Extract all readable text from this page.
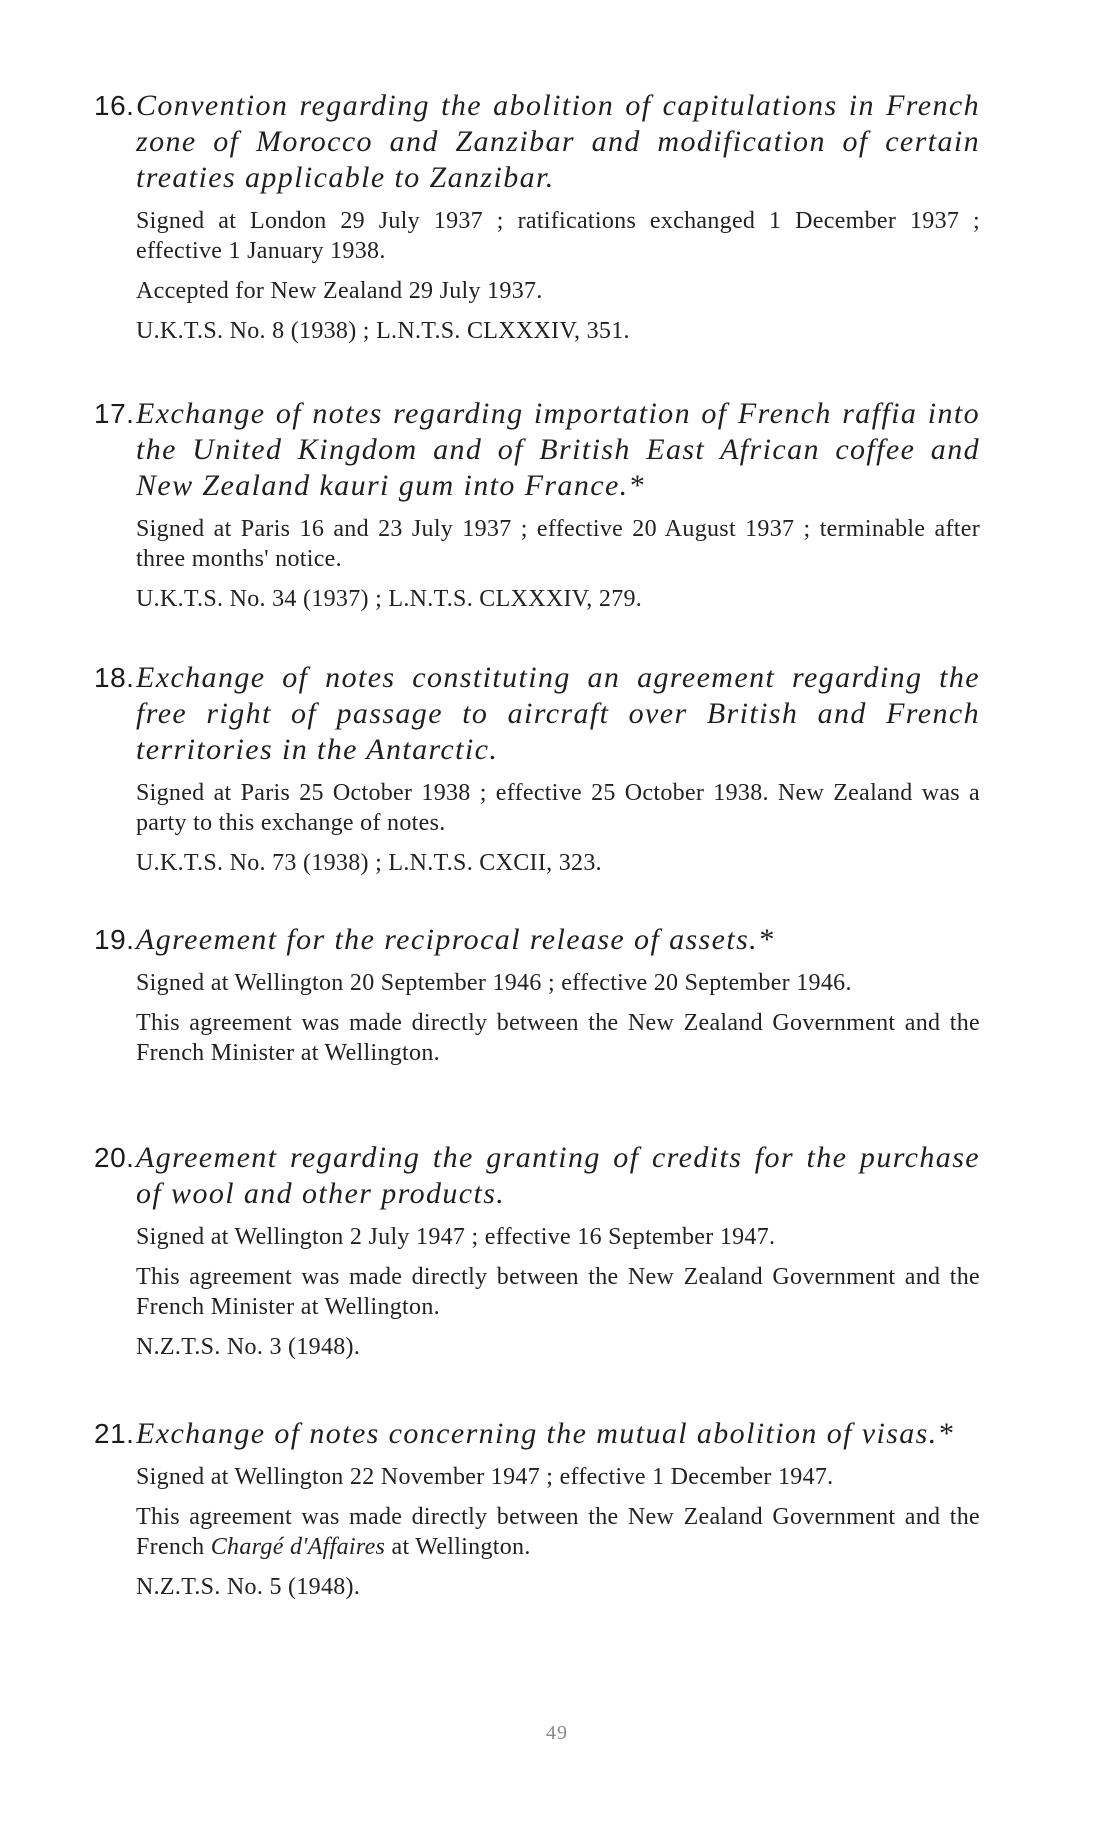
16. Convention regarding the abolition of capitulations in French zone of Morocco and Zanzibar and modification of certain treaties applicable to Zanzibar.

Signed at London 29 July 1937 ; ratifications exchanged 1 December 1937 ; effective 1 January 1938.

Accepted for New Zealand 29 July 1937.

U.K.T.S. No. 8 (1938) ; L.N.T.S. CLXXXIV, 351.

17. Exchange of notes regarding importation of French raffia into the United Kingdom and of British East African coffee and New Zealand kauri gum into France.*

Signed at Paris 16 and 23 July 1937 ; effective 20 August 1937 ; terminable after three months' notice.

U.K.T.S. No. 34 (1937) ; L.N.T.S. CLXXXIV, 279.

18. Exchange of notes constituting an agreement regarding the free right of passage to aircraft over British and French territories in the Antarctic.

Signed at Paris 25 October 1938 ; effective 25 October 1938. New Zealand was a party to this exchange of notes.

U.K.T.S. No. 73 (1938) ; L.N.T.S. CXCII, 323.

19. Agreement for the reciprocal release of assets.*

Signed at Wellington 20 September 1946 ; effective 20 September 1946.

This agreement was made directly between the New Zealand Government and the French Minister at Wellington.

20. Agreement regarding the granting of credits for the purchase of wool and other products.

Signed at Wellington 2 July 1947 ; effective 16 September 1947.

This agreement was made directly between the New Zealand Government and the French Minister at Wellington.

N.Z.T.S. No. 3 (1948).

21. Exchange of notes concerning the mutual abolition of visas.*

Signed at Wellington 22 November 1947 ; effective 1 December 1947.

This agreement was made directly between the New Zealand Government and the French Chargé d'Affaires at Wellington.

N.Z.T.S. No. 5 (1948).

49
